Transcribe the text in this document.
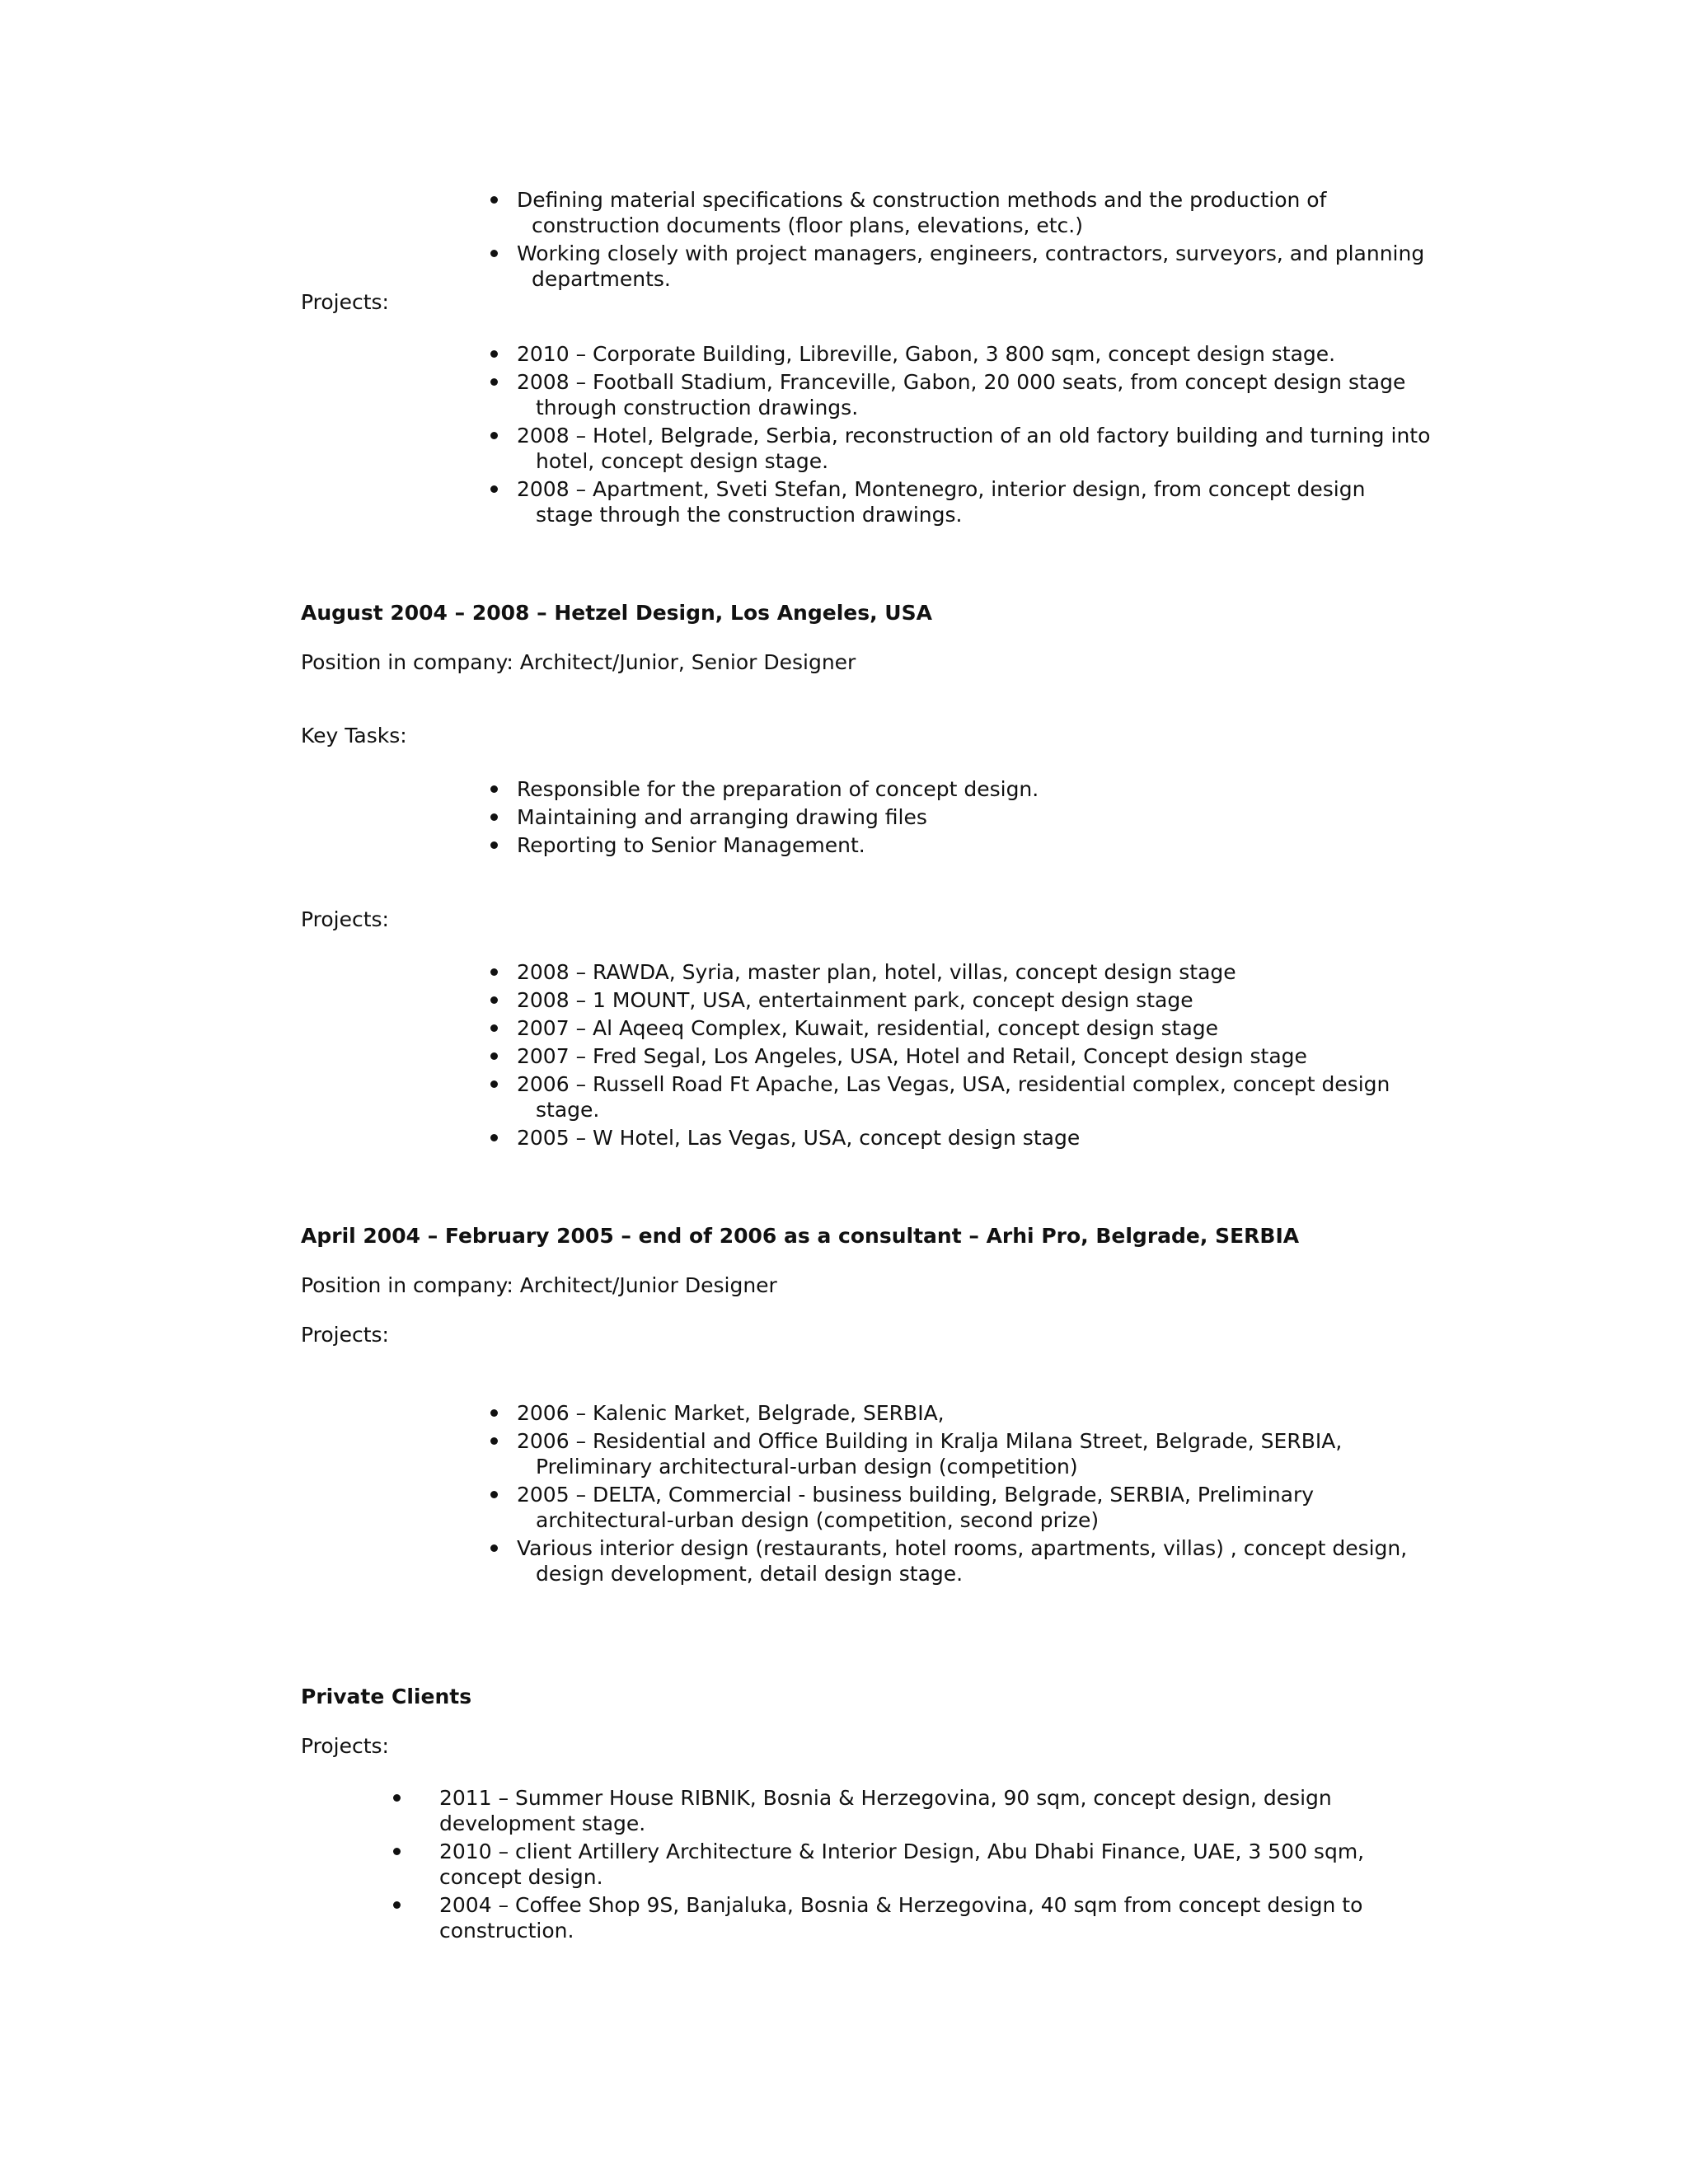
Defining material specifications & construction methods and the production of
construction documents (floor plans, elevations, etc.)
Working closely with project managers, engineers, contractors, surveyors, and planning
departments.

Projects:

2010 – Corporate Building, Libreville, Gabon, 3 800 sqm, concept design stage.
2008 – Football Stadium, Franceville, Gabon, 20 000 seats, from concept design stage
through construction drawings.
2008 – Hotel, Belgrade, Serbia, reconstruction of an old factory building and turning into
hotel, concept design stage.
2008 – Apartment, Sveti Stefan, Montenegro, interior design, from concept design
stage through the construction drawings.

August 2004 – 2008 – Hetzel Design, Los Angeles, USA

Position in company: Architect/Junior, Senior Designer

Key Tasks:

Responsible for the preparation of concept design.
Maintaining and arranging drawing files
Reporting to Senior Management.

Projects:

2008 – RAWDA, Syria, master plan, hotel, villas, concept design stage
2008 – 1 MOUNT, USA, entertainment park, concept design stage
2007 – Al Aqeeq Complex, Kuwait, residential, concept design stage
2007 – Fred Segal, Los Angeles, USA, Hotel and Retail, Concept design stage
2006 – Russell Road Ft Apache, Las Vegas, USA, residential complex, concept design
stage.
2005 – W Hotel, Las Vegas, USA, concept design stage

April 2004 – February 2005 – end of 2006 as a consultant – Arhi Pro, Belgrade, SERBIA

Position in company: Architect/Junior Designer

Projects:

2006 – Kalenic Market, Belgrade, SERBIA,
2006 – Residential and Office Building in Kralja Milana Street, Belgrade, SERBIA,
Preliminary architectural-urban design (competition)
2005 – DELTA, Commercial - business building, Belgrade, SERBIA, Preliminary
architectural-urban design (competition, second prize)
Various interior design (restaurants, hotel rooms, apartments, villas) , concept design,
design development, detail design stage.

Private Clients

Projects:

2011 – Summer House RIBNIK, Bosnia & Herzegovina, 90 sqm, concept design, design
development stage.
2010 – client Artillery Architecture & Interior Design, Abu Dhabi Finance, UAE, 3 500 sqm,
concept design.
2004 – Coffee Shop 9S, Banjaluka, Bosnia & Herzegovina, 40 sqm from concept design to
construction.
